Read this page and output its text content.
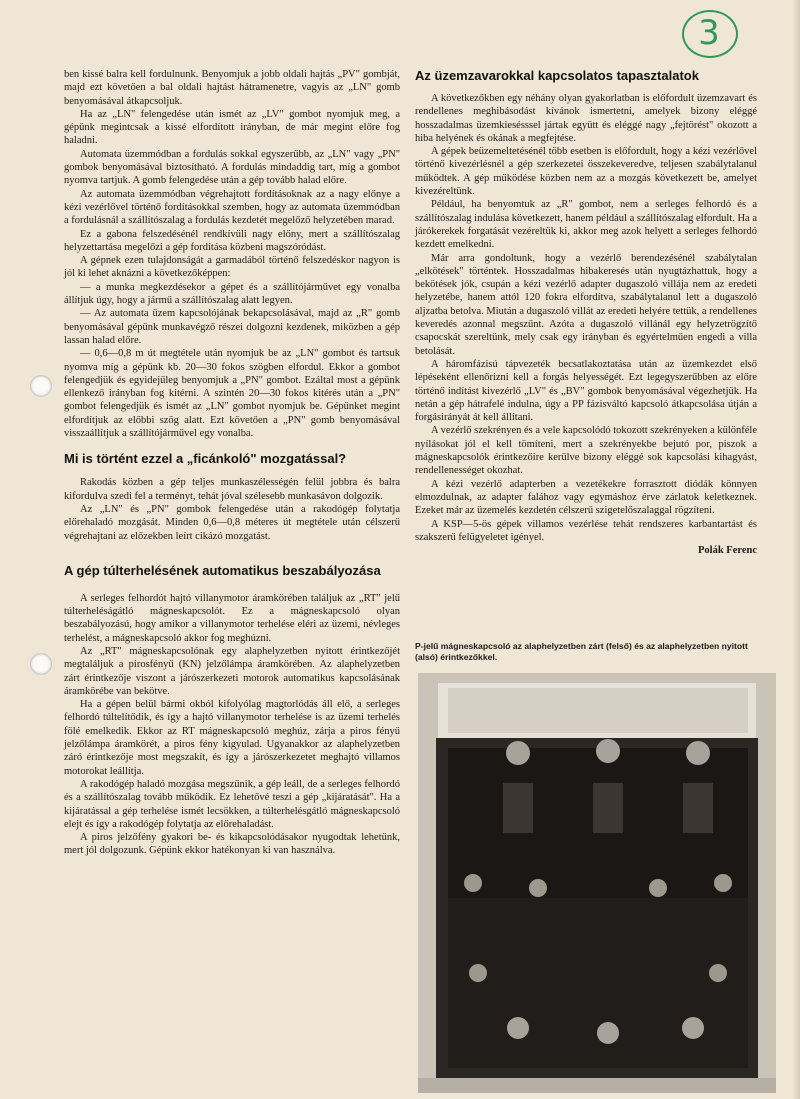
3

ben kissé balra kell fordulnunk. Benyomjuk a jobb oldali hajtás „PV" gombját, majd ezt követően a bal oldali hajtást hátramenetre, vagyis az „LN" gomb benyomásával átkapcsoljuk.

Ha az „LN" felengedése után ismét az „LV" gombot nyomjuk meg, a gépünk megintcsak a kissé elfordított irányban, de már megint előre fog haladni.

Automata üzemmódban a fordulás sokkal egyszerűbb, az „LN" vagy „PN" gombok benyomásával biztosítható. A fordulás mindaddig tart, míg a gombot nyomva tartjuk. A gomb felengedése után a gép tovább halad előre.

Az automata üzemmódban végrehajtott fordításoknak az a nagy előnye a kézi vezérlővel történő fordításokkal szemben, hogy az automata üzemmódban a fordulásnál a szállítószalag a fordulás kezdetét megelőző helyzetében marad.

Ez a gabona felszedésénél rendkívüli nagy előny, mert a szállítószalag helyzettartása megelőzi a gép fordítása közbeni magszóródást.

A gépnek ezen tulajdonságát a garmadából történő felszedéskor nagyon is jól ki lehet aknázni a következőképpen:

— a munka megkezdésekor a gépet és a szállítójárművet egy vonalba állítjuk úgy, hogy a jármű a szállítószalag alatt legyen.

— Az automata üzem kapcsolójának bekapcsolásával, majd az „R" gomb benyomásával gépünk munkavégző részei dolgozni kezdenek, miközben a gép lassan halad előre.

— 0,6—0,8 m út megtétele után nyomjuk be az „LN" gombot és tartsuk nyomva míg a gépünk kb. 20—30 fokos szögben elfordul. Ekkor a gombot felengedjük és egyidejűleg benyomjuk a „PN" gombot. Ezáltal most a gépünk ellenkező irányban fog kitérni. A szintén 20—30 fokos kitérés után a „PN" gombot felengedjük és ismét az „LN" gombot nyomjuk be. Gépünket megint elfordítjuk az előbbi szög alatt. Ezt követően a „PN" gomb benyomásával visszaállítjuk a szállítójárművel egy vonalba.

Mi is történt ezzel a „ficánkoló" mozgatással?

Rakodás közben a gép teljes munkaszélességén felül jobbra és balra kifordulva szedi fel a terményt, tehát jóval szélesebb munkasávon dolgozik.

Az „LN" és „PN" gombok felengedése után a rakodógép folytatja előrehaladó mozgását. Minden 0,6—0,8 méteres út megtétele után célszerű végrehajtani az előzekben leírt cikázó mozgatást.

A gép túlterhelésének automatikus beszabályozása

A serleges felhordót hajtó villanymotor áramkörében találjuk az „RT" jelű túlterheléságátló mágneskapcsolót. Ez a mágneskapcsoló olyan beszabályozású, hogy amikor a villanymotor terhelése eléri az üzemi, névleges terhelést, a mágneskapcsoló akkor fog meghúzni.

Az „RT" mágneskapcsolónak egy alaphelyzetben nyitott érintkezőjét megtaláljuk a pirosfényű (KN) jelzőlámpa áramkörében. Az alaphelyzetben zárt érintkezője viszont a járószerkezeti motorok automatikus kapcsolásának áramkörébe van bekötve.

Ha a gépen belül bármi okból kifolyólag magtorlódás áll elő, a serleges felhordó túltelítődik, és így a hajtó villanymotor terhelése is az üzemi terhelés fölé emelkedik. Ekkor az RT mágneskapcsoló meghúz, zárja a piros fényű jelzőlámpa áramkörét, a piros fény kigyulad. Ugyanakkor az alaphelyzetben záró érintkezője most megszakít, és így a járószerkezetet meghajtó villamos motorokat leállítja.

A rakodógép haladó mozgása megszűnik, a gép leáll, de a serleges felhordó és a szállítószalag tovább működik. Ez lehetővé teszi a gép „kijáratását". Ha a kijáratással a gép terhelése ismét lecsökken, a túlterhelésgátló mágneskapcsoló elejt és így a rakodógép folytatja az előrehaladást.

A piros jelzőfény gyakori be- és kikapcsolódásakor nyugodtak lehetünk, mert jól dolgozunk. Gépünk ekkor hatékonyan ki van használva.

Az üzemzavarokkal kapcsolatos tapasztalatok

A következőkben egy néhány olyan gyakorlatban is előfordult üzemzavart és rendellenes meghibásodást kívánok ismertetni, amelyek bizony eléggé hosszadalmas üzemkiesésssel jártak együtt és eléggé nagy „fejtörést" okozott a hiba helyének és okának a megfejtése.

A gépek beüzemeltetésénél több esetben is előfordult, hogy a kézi vezérlővel történő kivezérlésnél a gép szerkezetei összekeveredve, teljesen szabálytalanul működtek. A gép működése közben nem az a mozgás következett be, amelyet kivezéreltünk.

Például, ha benyomtuk az „R" gombot, nem a serleges felhordó és a szállítószalag indulása következett, hanem például a szállítószalag elfordult. Ha a járókerekek forgatását vezéreltük ki, akkor meg azok helyett a serleges felhordó kezdett emelkedni.

Már arra gondoltunk, hogy a vezérlő berendezésénél szabálytalan „elkötések" történtek. Hosszadalmas hibakeresés után nyugtázhattuk, hogy a bekötések jók, csupán a kézi vezérlő adapter dugaszoló villája nem az eredeti helyzetébe, hanem attól 120 fokra elfordítva, szabálytalanul lett a dugaszoló aljzatba betolva. Miután a dugaszoló villát az eredeti helyére tettük, a rendellenes keveredés azonnal megszűnt. Azóta a dugaszoló villánál egy helyzetrögzítő csapocskát szereltünk, mely csak egy irányban és egyértelműen engedi a villa betolását.

A háromfázisú tápvezeték becsatlakoztatása után az üzemkezdet első lépéseként ellenőrizni kell a forgás helyességét. Ezt legegyszerűbben az előre történő indítást kivezérlő „LV" és „BV" gombok benyomásával végezhetjük. Ha netán a gép hátrafelé indulna, úgy a PP fázisváltó kapcsoló átkapcsolása útján a forgásirányát át kell állítani.

A vezérlő szekrényen és a vele kapcsolódó tokozott szekrényeken a különféle nyílásokat jól el kell tömíteni, mert a szekrényekbe bejutó por, piszok a mágneskapcsolók érintkezőire kerülve bizony eléggé sok kapcsolási kihagyást, rendellenességet okozhat.

A kézi vezérlő adapterben a vezetékekre forrasztott diódák könnyen elmozdulnak, az adapter falához vagy egymáshoz érve zárlatok keletkeznek. Ezeket már az üzemelés kezdetén célszerű szigetelőszalaggal rögzíteni.

A KSP—5-ös gépek villamos vezérlése tehát rendszeres karbantartást és szakszerű felügyeletet igényel.

Polák Ferenc

P-jelű mágneskapcsoló az alaphelyzetben zárt (felső) és az alaphelyzetben nyitott (alsó) érintkezőkkel.
